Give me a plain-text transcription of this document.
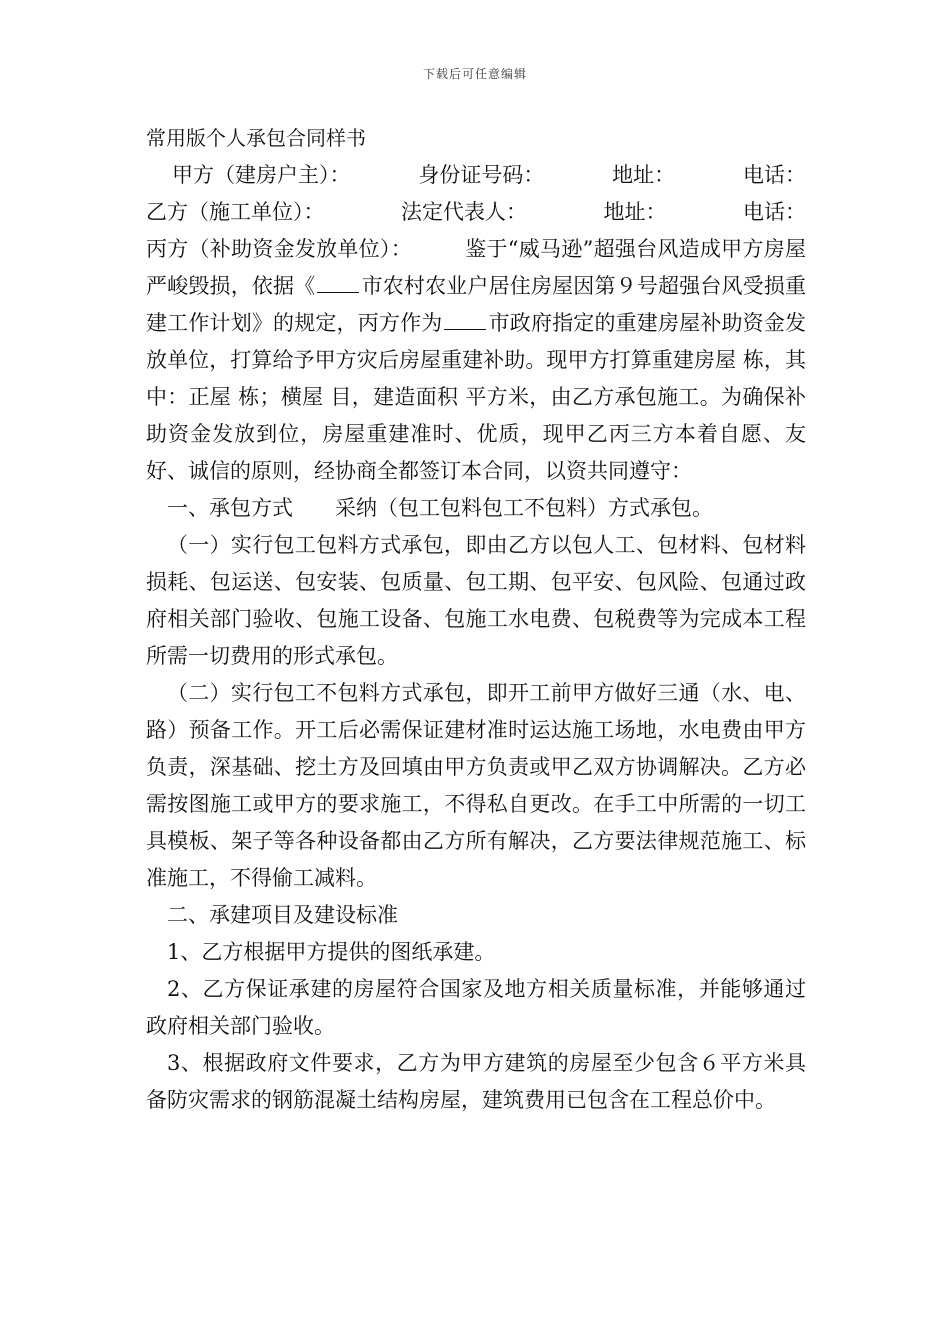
下载后可任意编辑

常用版个人承包合同样书

甲方（建房户主）：	身份证号码：	地址：	电话：
乙方（施工单位）：	法定代表人：	地址：	电话：

丙方（补助资金发放单位）：　　　鉴于“威马逊”超强台风造成甲方房屋严峻毁损，依据《 市农村农业户居住房屋因第９号超强台风受损重建工作计划》的规定，丙方作为 市政府指定的重建房屋补助资金发放单位，打算给予甲方灾后房屋重建补助。现甲方打算重建房屋 栋，其中：正屋 栋；横屋 目，建造面积 平方米，由乙方承包施工。为确保补助资金发放到位，房屋重建准时、优质，现甲乙丙三方本着自愿、友好、诚信的原则，经协商全都签订本合同，以资共同遵守：

一、承包方式　　采纳（包工包料包工不包料）方式承包。

（一）实行包工包料方式承包，即由乙方以包人工、包材料、包材料损耗、包运送、包安装、包质量、包工期、包平安、包风险、包通过政府相关部门验收、包施工设备、包施工水电费、包税费等为完成本工程所需一切费用的形式承包。

（二）实行包工不包料方式承包，即开工前甲方做好三通（水、电、路）预备工作。开工后必需保证建材准时运达施工场地，水电费由甲方负责，深基础、挖土方及回填由甲方负责或甲乙双方协调解决。乙方必需按图施工或甲方的要求施工，不得私自更改。在手工中所需的一切工具模板、架子等各种设备都由乙方所有解决，乙方要法律规范施工、标准施工，不得偷工减料。

二、承建项目及建设标准

1、乙方根据甲方提供的图纸承建。

2、乙方保证承建的房屋符合国家及地方相关质量标准，并能够通过政府相关部门验收。

3、根据政府文件要求，乙方为甲方建筑的房屋至少包含６平方米具备防灾需求的钢筋混凝土结构房屋，建筑费用已包含在工程总价中。
